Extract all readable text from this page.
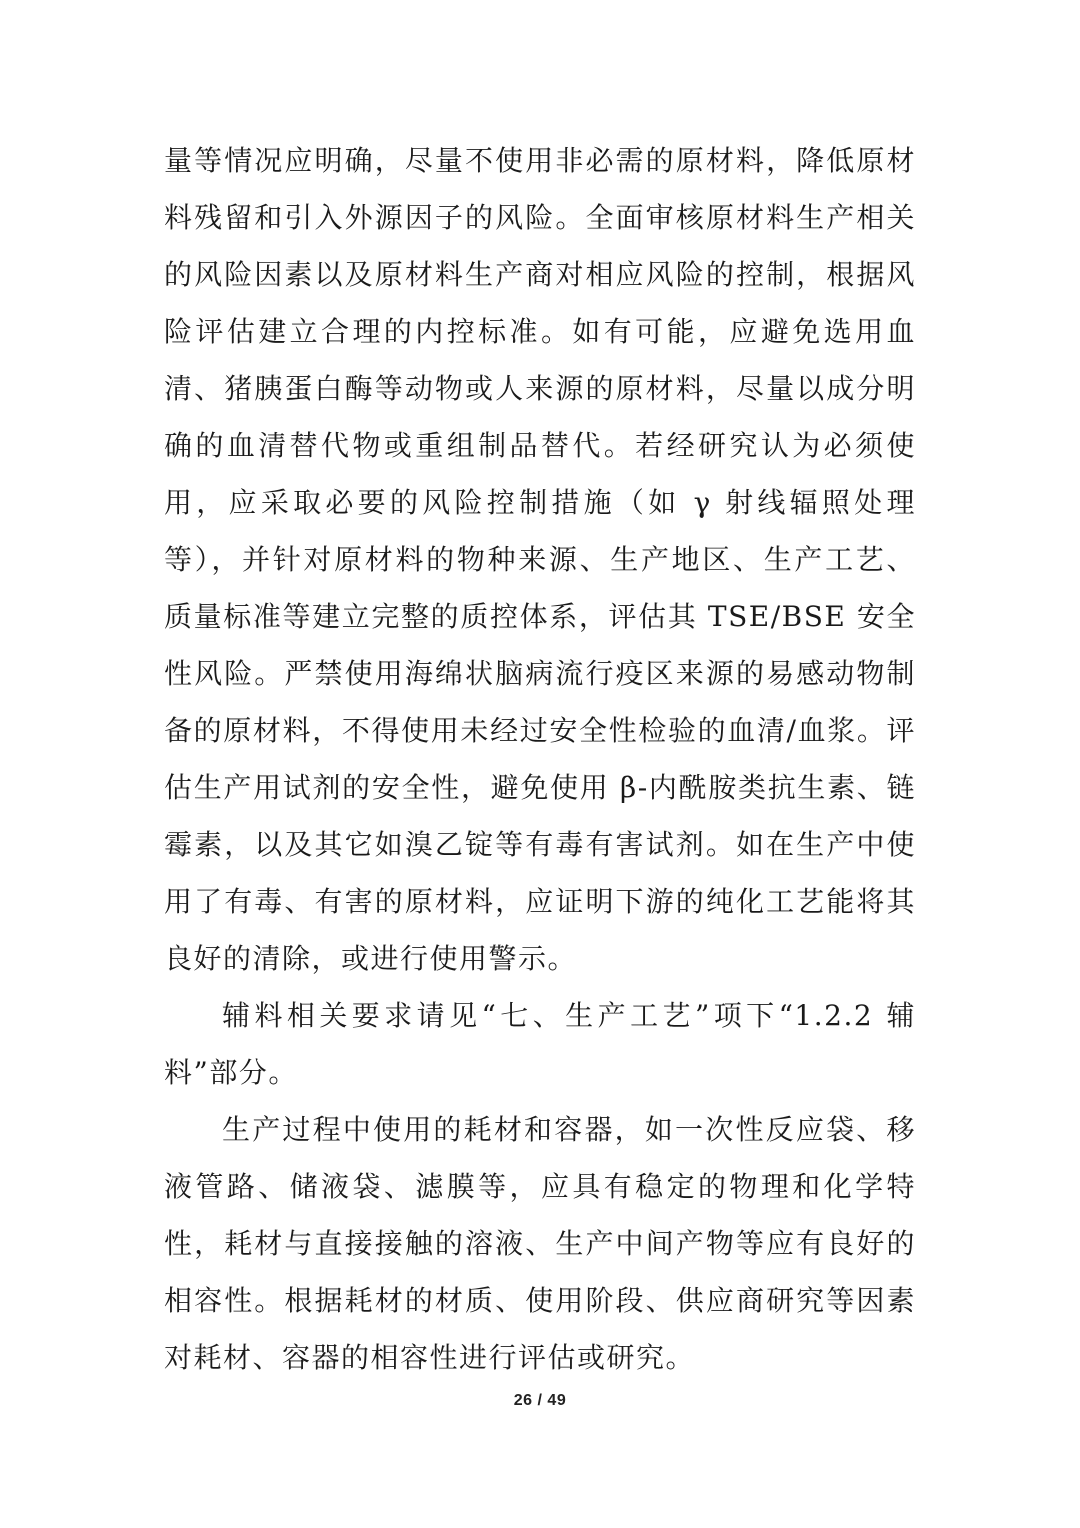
量等情况应明确，尽量不使用非必需的原材料，降低原材料残留和引入外源因子的风险。全面审核原材料生产相关的风险因素以及原材料生产商对相应风险的控制，根据风险评估建立合理的内控标准。如有可能，应避免选用血清、猪胰蛋白酶等动物或人来源的原材料，尽量以成分明确的血清替代物或重组制品替代。若经研究认为必须使用，应采取必要的风险控制措施（如 γ 射线辐照处理等），并针对原材料的物种来源、生产地区、生产工艺、质量标准等建立完整的质控体系，评估其 TSE/BSE 安全性风险。严禁使用海绵状脑病流行疫区来源的易感动物制备的原材料，不得使用未经过安全性检验的血清/血浆。评估生产用试剂的安全性，避免使用 β-内酰胺类抗生素、链霉素，以及其它如溴乙锭等有毒有害试剂。如在生产中使用了有毒、有害的原材料，应证明下游的纯化工艺能将其良好的清除，或进行使用警示。

辅料相关要求请见“七、生产工艺”项下“1.2.2 辅料”部分。

生产过程中使用的耗材和容器，如一次性反应袋、移液管路、储液袋、滤膜等，应具有稳定的物理和化学特性，耗材与直接接触的溶液、生产中间产物等应有良好的相容性。根据耗材的材质、使用阶段、供应商研究等因素对耗材、容器的相容性进行评估或研究。

26 / 49
